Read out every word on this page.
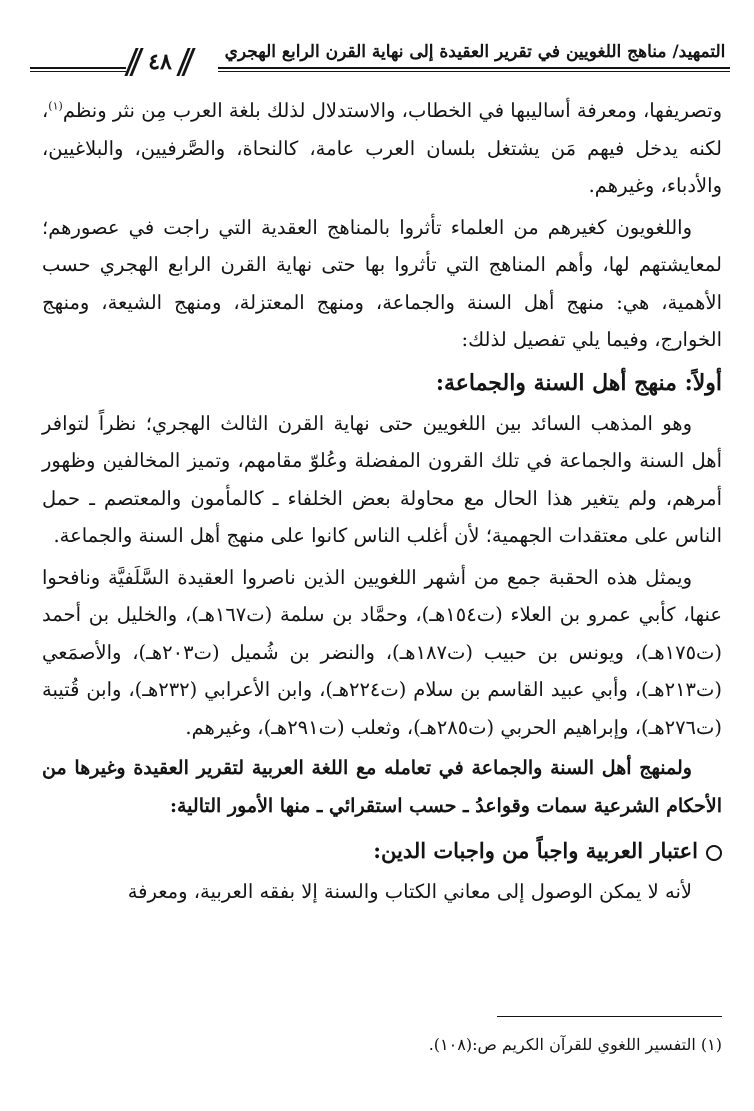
التمهيد/ مناهج اللغويين في تقرير العقيدة إلى نهاية القرن الرابع الهجري
٤٨

وتصريفها، ومعرفة أساليبها في الخطاب، والاستدلال لذلك بلغة العرب مِن نثر ونظم$^{(١)}$، لكنه يدخل فيهم مَن يشتغل بلسان العرب عامة، كالنحاة، والصَّرفيين، والبلاغيين، والأدباء، وغيرهم.

واللغويون كغيرهم من العلماء تأثروا بالمناهج العقدية التي راجت في عصورهم؛ لمعايشتهم لها، وأهم المناهج التي تأثروا بها حتى نهاية القرن الرابع الهجري حسب الأهمية، هي: منهج أهل السنة والجماعة، ومنهج المعتزلة، ومنهج الشيعة، ومنهج الخوارج، وفيما يلي تفصيل لذلك:

أولاً: منهج أهل السنة والجماعة:

وهو المذهب السائد بين اللغويين حتى نهاية القرن الثالث الهجري؛ نظراً لتوافر أهل السنة والجماعة في تلك القرون المفضلة وعُلوّ مقامهم، وتميز المخالفين وظهور أمرهم، ولم يتغير هذا الحال مع محاولة بعض الخلفاء ـ كالمأمون والمعتصم ـ حمل الناس على معتقدات الجهمية؛ لأن أغلب الناس كانوا على منهج أهل السنة والجماعة.

ويمثل هذه الحقبة جمع من أشهر اللغويين الذين ناصروا العقيدة السَّلَفيَّة ونافحوا عنها، كأبي عمرو بن العلاء (ت١٥٤هـ)، وحمَّاد بن سلمة (ت١٦٧هـ)، والخليل بن أحمد (ت١٧٥هـ)، ويونس بن حبيب (ت١٨٧هـ)، والنضر بن شُميل (ت٢٠٣هـ)، والأصمَعي (ت٢١٣هـ)، وأبي عبيد القاسم بن سلام (ت٢٢٤هـ)، وابن الأعرابي (٢٣٢هـ)، وابن قُتيبة (ت٢٧٦هـ)، وإبراهيم الحربي (ت٢٨٥هـ)، وثعلب (ت٢٩١هـ)، وغيرهم.

ولمنهج أهل السنة والجماعة في تعامله مع اللغة العربية لتقرير العقيدة وغيرها من الأحكام الشرعية سمات وقواعدُ ـ حسب استقرائي ـ منها الأمور التالية:

اعتبار العربية واجباً من واجبات الدين:

لأنه لا يمكن الوصول إلى معاني الكتاب والسنة إلا بفقه العربية، ومعرفة

(١) التفسير اللغوي للقرآن الكريم ص:(١٠٨).
